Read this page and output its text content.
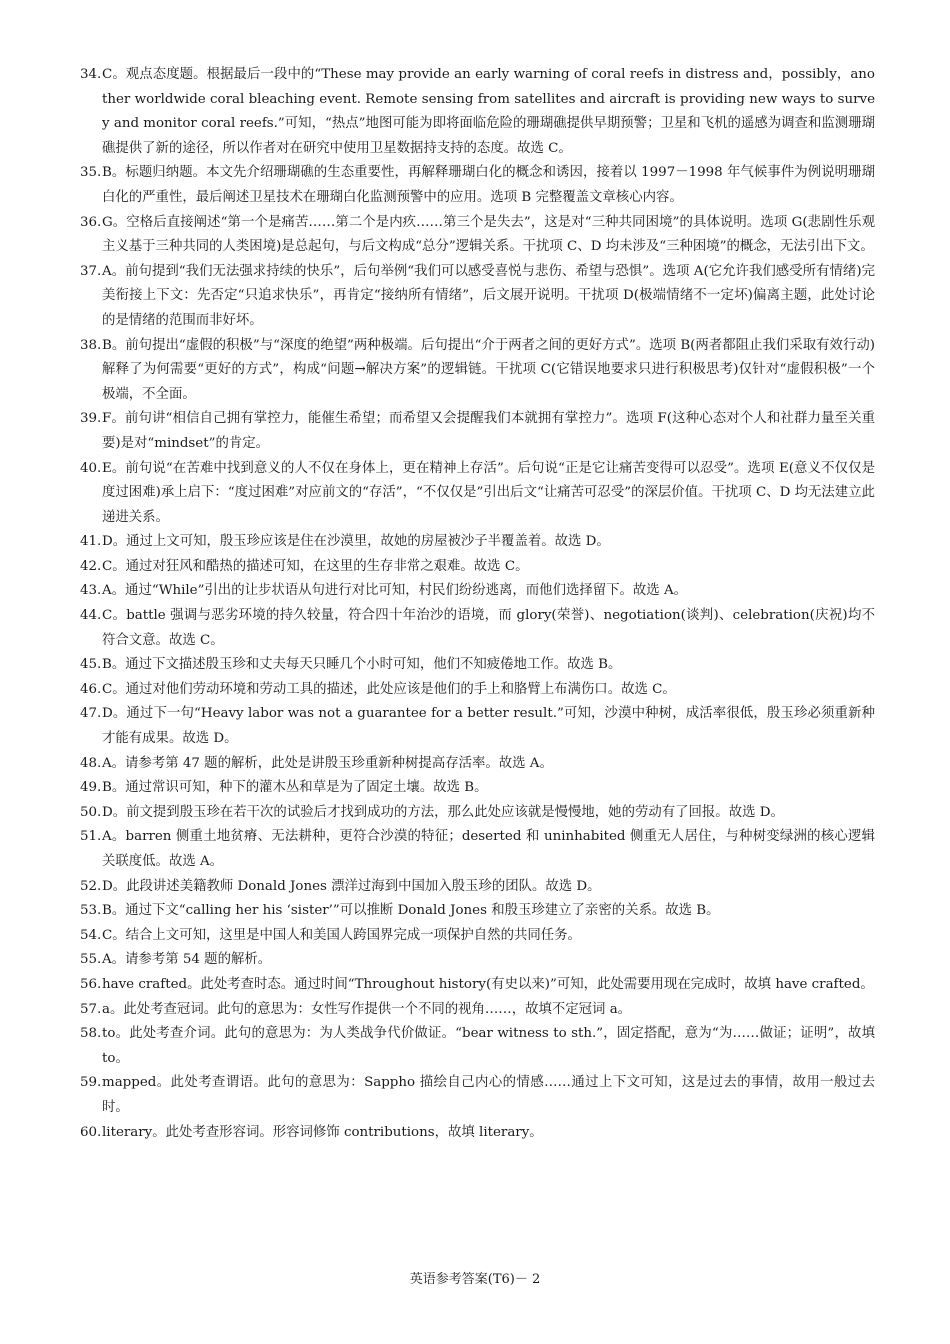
34. C。观点态度题。根据最后一段中的“These may provide an early warning of coral reefs in distress and，possibly，another worldwide coral bleaching event. Remote sensing from satellites and aircraft is providing new ways to survey and monitor coral reefs.”可知，“热点”地图可能为即将面临危险的珊瑚礁提供早期预警；卫星和飞机的遥感为调查和监测珊瑚礁提供了新的途径，所以作者对在研究中使用卫星数据持支持的态度。故选 C。
35. B。标题归纳题。本文先介绍珊瑚礁的生态重要性，再解释珊瑚白化的概念和诱因，接着以 1997－1998 年气候事件为例说明珊瑚白化的严重性，最后阐述卫星技术在珊瑚白化监测预警中的应用。选项 B 完整覆盖文章核心内容。
36. G。空格后直接阐述“第一个是痛苦……第二个是内疚……第三个是失去”，这是对“三种共同困境”的具体说明。选项 G(悲剧性乐观主义基于三种共同的人类困境)是总起句，与后文构成“总分”逻辑关系。干扰项 C、D 均未涉及“三种困境”的概念，无法引出下文。
37. A。前句提到“我们无法强求持续的快乐”，后句举例“我们可以感受喜悦与悲伤、希望与恐惧”。选项 A(它允许我们感受所有情绪)完美衔接上下文：先否定“只追求快乐”，再肯定“接纳所有情绪”，后文展开说明。干扰项 D(极端情绪不一定坏)偏离主题，此处讨论的是情绪的范围而非好坏。
38. B。前句提出“虚假的积极”与“深度的绝望”两种极端。后句提出“介于两者之间的更好方式”。选项 B(两者都阻止我们采取有效行动)解释了为何需要“更好的方式”，构成“问题→解决方案”的逻辑链。干扰项 C(它错误地要求只进行积极思考)仅针对“虚假积极”一个极端，不全面。
39. F。前句讲“相信自己拥有掌控力，能催生希望；而希望又会提醒我们本就拥有掌控力”。选项 F(这种心态对个人和社群力量至关重要)是对“mindset”的肯定。
40. E。前句说“在苦难中找到意义的人不仅在身体上，更在精神上存活”。后句说“正是它让痛苦变得可以忍受”。选项 E(意义不仅仅是度过困难)承上启下：“度过困难”对应前文的“存活”，“不仅仅是”引出后文“让痛苦可忍受”的深层价值。干扰项 C、D 均无法建立此递进关系。
41. D。通过上文可知，殷玉珍应该是住在沙漠里，故她的房屋被沙子半覆盖着。故选 D。
42. C。通过对狂风和酷热的描述可知，在这里的生存非常之艰难。故选 C。
43. A。通过“While”引出的让步状语从句进行对比可知，村民们纷纷逃离，而他们选择留下。故选 A。
44. C。battle 强调与恶劣环境的持久较量，符合四十年治沙的语境，而 glory(荣誉)、negotiation(谈判)、celebration(庆祝)均不符合文意。故选 C。
45. B。通过下文描述殷玉珍和丈夫每天只睡几个小时可知，他们不知疲倦地工作。故选 B。
46. C。通过对他们劳动环境和劳动工具的描述，此处应该是他们的手上和胳臂上布满伤口。故选 C。
47. D。通过下一句“Heavy labor was not a guarantee for a better result.”可知，沙漠中种树，成活率很低，殷玉珍必须重新种才能有成果。故选 D。
48. A。请参考第 47 题的解析，此处是讲殷玉珍重新种树提高存活率。故选 A。
49. B。通过常识可知，种下的灌木丛和草是为了固定土壤。故选 B。
50. D。前文提到殷玉珍在若干次的试验后才找到成功的方法，那么此处应该就是慢慢地，她的劳动有了回报。故选 D。
51. A。barren 侧重土地贫瘠、无法耕种，更符合沙漠的特征；deserted 和 uninhabited 侧重无人居住，与种树变绿洲的核心逻辑关联度低。故选 A。
52. D。此段讲述美籍教师 Donald Jones 漂洋过海到中国加入殷玉珍的团队。故选 D。
53. B。通过下文“calling her his ‘sister’”可以推断 Donald Jones 和殷玉珍建立了亲密的关系。故选 B。
54. C。结合上文可知，这里是中国人和美国人跨国界完成一项保护自然的共同任务。
55. A。请参考第 54 题的解析。
56. have crafted。此处考查时态。通过时间“Throughout history(有史以来)”可知，此处需要用现在完成时，故填 have crafted。
57. a。此处考查冠词。此句的意思为：女性写作提供一个不同的视角……，故填不定冠词 a。
58. to。此处考查介词。此句的意思为：为人类战争代价做证。“bear witness to sth.”，固定搭配，意为“为……做证；证明”，故填 to。
59. mapped。此处考查谓语。此句的意思为：Sappho 描绘自己内心的情感……通过上下文可知，这是过去的事情，故用一般过去时。
60. literary。此处考查形容词。形容词修饰 contributions，故填 literary。
英语参考答案(T6)－ 2
